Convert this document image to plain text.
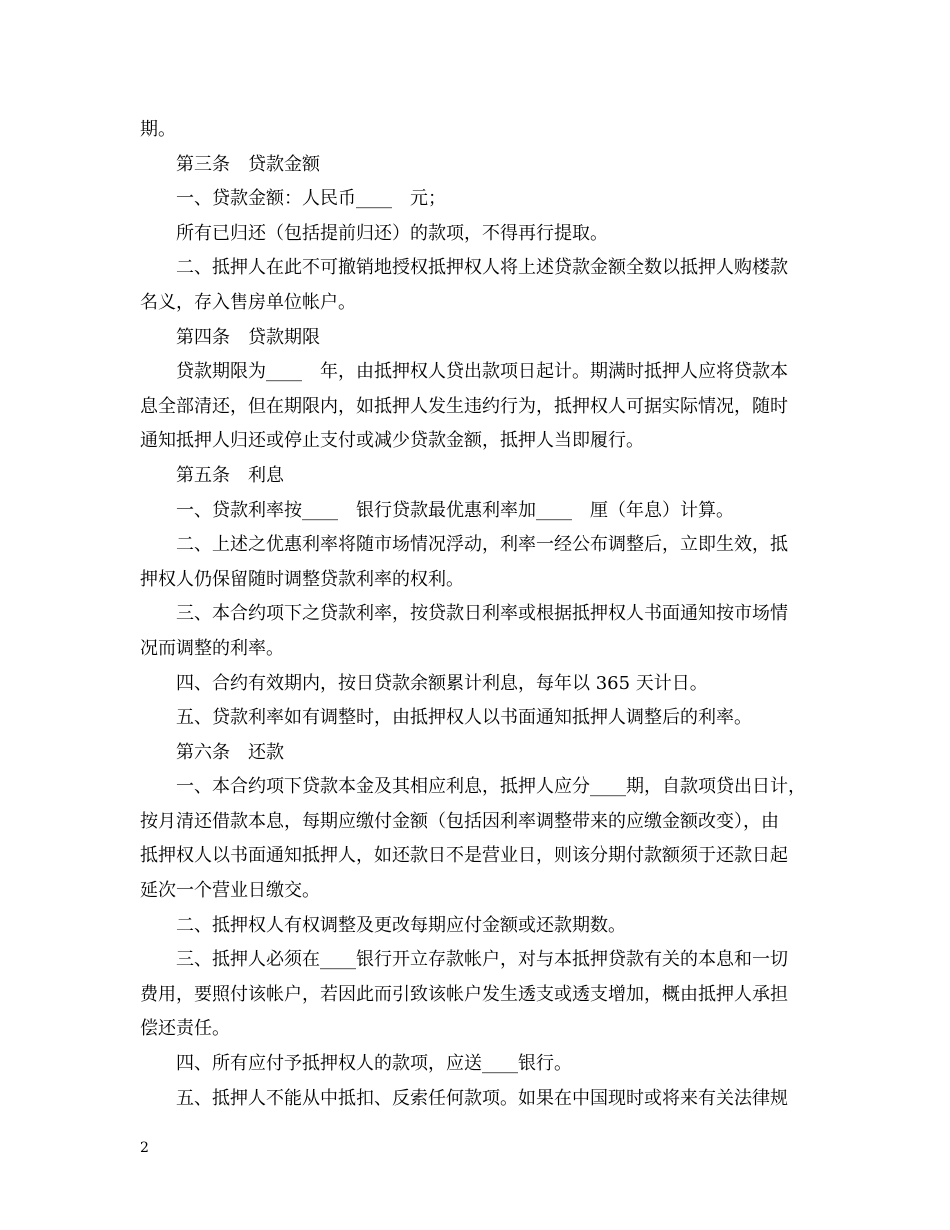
期。
　　第三条　贷款金额
　　一、贷款金额：人民币____　元；
　　所有已归还（包括提前归还）的款项，不得再行提取。
　　二、抵押人在此不可撤销地授权抵押权人将上述贷款金额全数以抵押人购楼款
名义，存入售房单位帐户。
　　第四条　贷款期限
　　贷款期限为____　年，由抵押权人贷出款项日起计。期满时抵押人应将贷款本
息全部清还，但在期限内，如抵押人发生违约行为，抵押权人可据实际情况，随时
通知抵押人归还或停止支付或减少贷款金额，抵押人当即履行。
　　第五条　利息
　　一、贷款利率按____　银行贷款最优惠利率加____　厘（年息）计算。
　　二、上述之优惠利率将随市场情况浮动，利率一经公布调整后，立即生效，抵
押权人仍保留随时调整贷款利率的权利。
　　三、本合约项下之贷款利率，按贷款日利率或根据抵押权人书面通知按市场情
况而调整的利率。
　　四、合约有效期内，按日贷款余额累计利息，每年以 365 天计日。
　　五、贷款利率如有调整时，由抵押权人以书面通知抵押人调整后的利率。
　　第六条　还款
　　一、本合约项下贷款本金及其相应利息，抵押人应分____期，自款项贷出日计，
按月清还借款本息，每期应缴付金额（包括因利率调整带来的应缴金额改变），由
抵押权人以书面通知抵押人，如还款日不是营业日，则该分期付款额须于还款日起
延次一个营业日缴交。
　　二、抵押权人有权调整及更改每期应付金额或还款期数。
　　三、抵押人必须在____银行开立存款帐户，对与本抵押贷款有关的本息和一切
费用，要照付该帐户，若因此而引致该帐户发生透支或透支增加，概由抵押人承担
偿还责任。
　　四、所有应付予抵押权人的款项，应送____银行。
　　五、抵押人不能从中抵扣、反索任何款项。如果在中国现时或将来有关法律规
2
